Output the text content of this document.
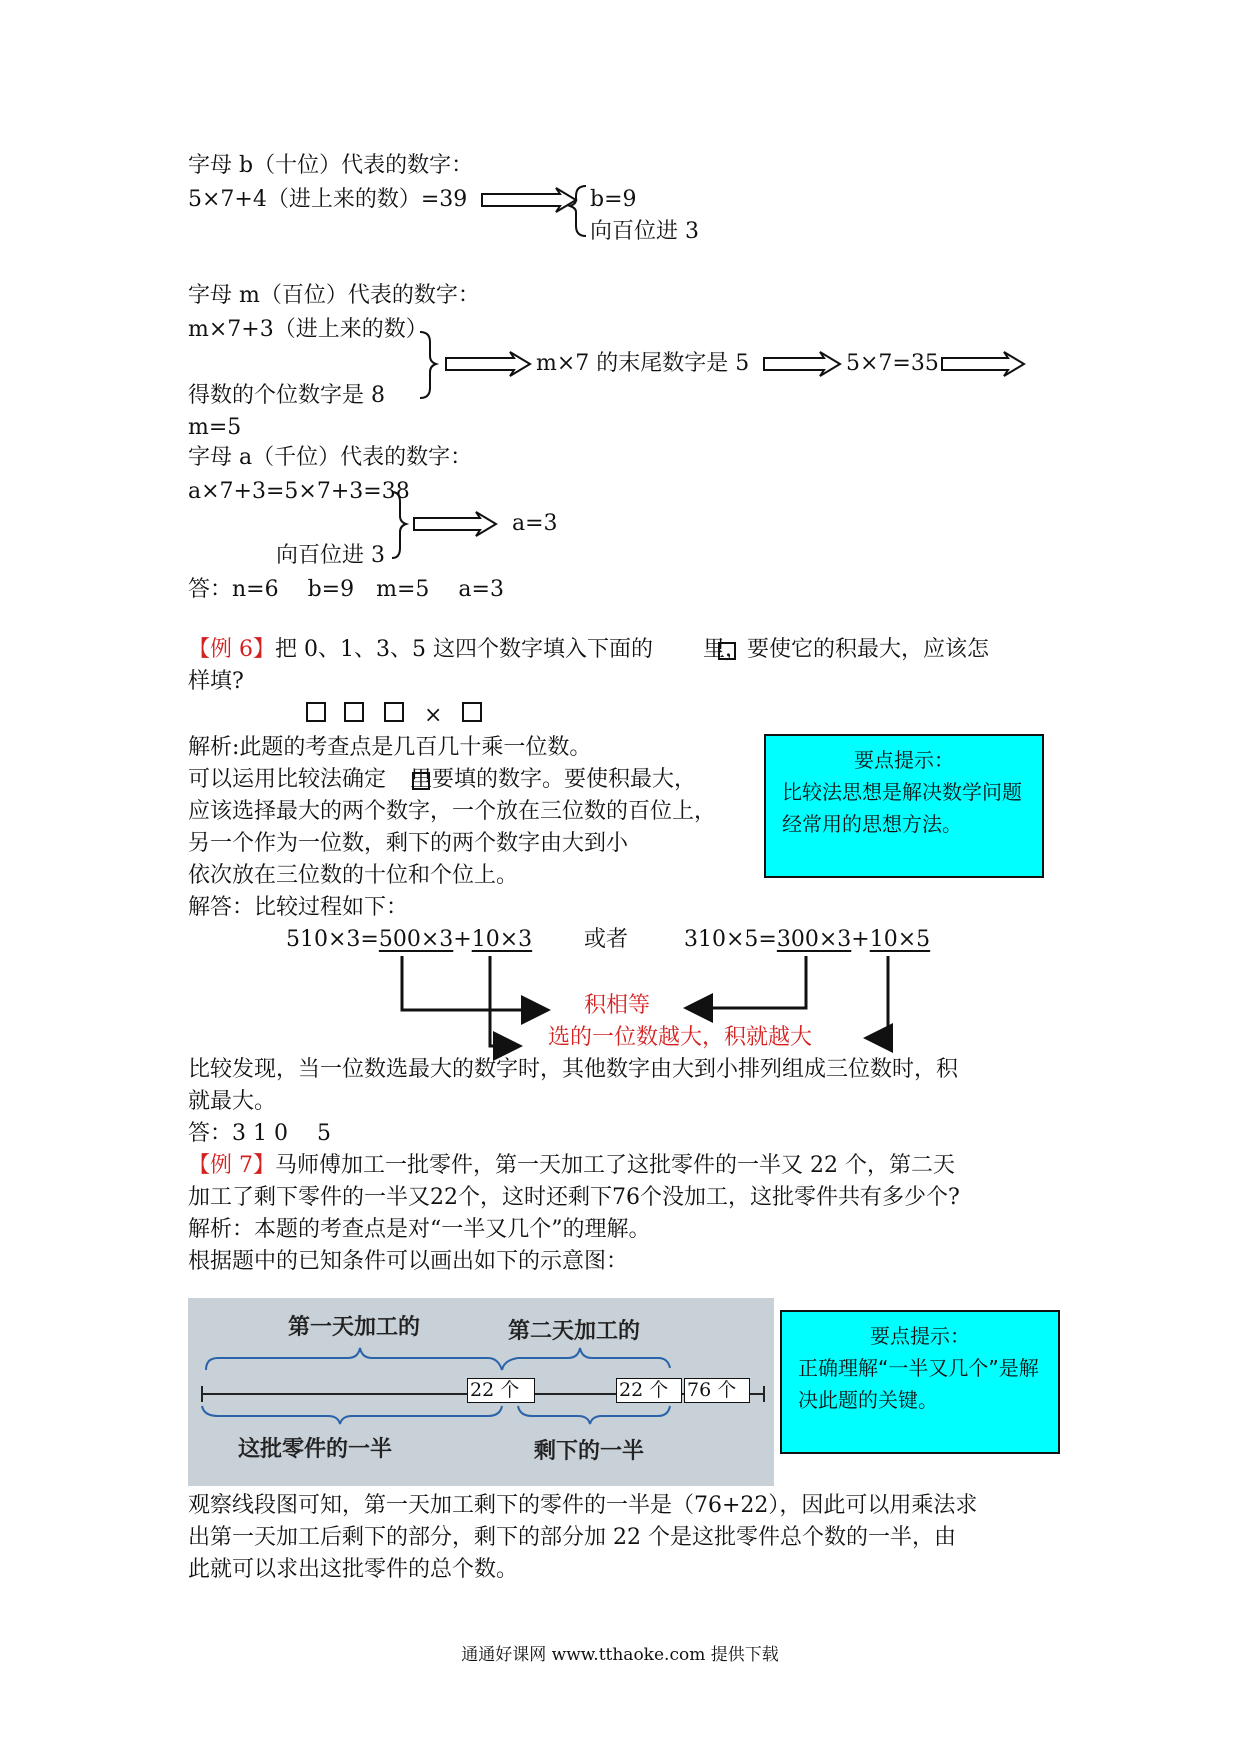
字母 b（十位）代表的数字：
5×7+4（进上来的数）=39	b=9
向百位进 3
字母 m（百位）代表的数字：
m×7+3（进上来的数）
m×7 的末尾数字是 5	5×7=35
得数的个位数字是 8
m=5
字母 a（千位）代表的数字：
a×7+3=5×7+3=38
a=3
向百位进 3
答：n=6　 b=9　m=5　 a=3
【例 6】把 0、1、3、5 这四个数字填入下面的 里，要使它的积最大，应该怎
样填?
×
解析:此题的考查点是几百几十乘一位数。
可以运用比较法确定 里要填的数字。要使积最大，
应该选择最大的两个数字，一个放在三位数的百位上，
另一个作为一位数，剩下的两个数字由大到小
依次放在三位数的十位和个位上。
解答：比较过程如下：
要点提示：
比较法思想是解决数学问题经常用的思想方法。
510×3=500×3+10×3 或者	310×5=300×3+10×5
积相等
选的一位数越大，积就越大
比较发现，当一位数选最大的数字时，其他数字由大到小排列组成三位数时，积
就最大。
答：3 1 0　 5
【例 7】马师傅加工一批零件，第一天加工了这批零件的一半又 22 个，第二天
加工了剩下零件的一半又22个，这时还剩下76个没加工，这批零件共有多少个?
解析：本题的考查点是对“一半又几个”的理解。
根据题中的已知条件可以画出如下的示意图：
第一天加工的	第二天加工的
这批零件的一半	剩下的一半
22 个	22 个 76 个
要点提示：
正确理解“一半又几个”是解决此题的关键。
观察线段图可知，第一天加工剩下的零件的一半是（76+22），因此可以用乘法求
出第一天加工后剩下的部分，剩下的部分加 22 个是这批零件总个数的一半，由
此就可以求出这批零件的总个数。
通通好课网 www.tthaoke.com 提供下载
